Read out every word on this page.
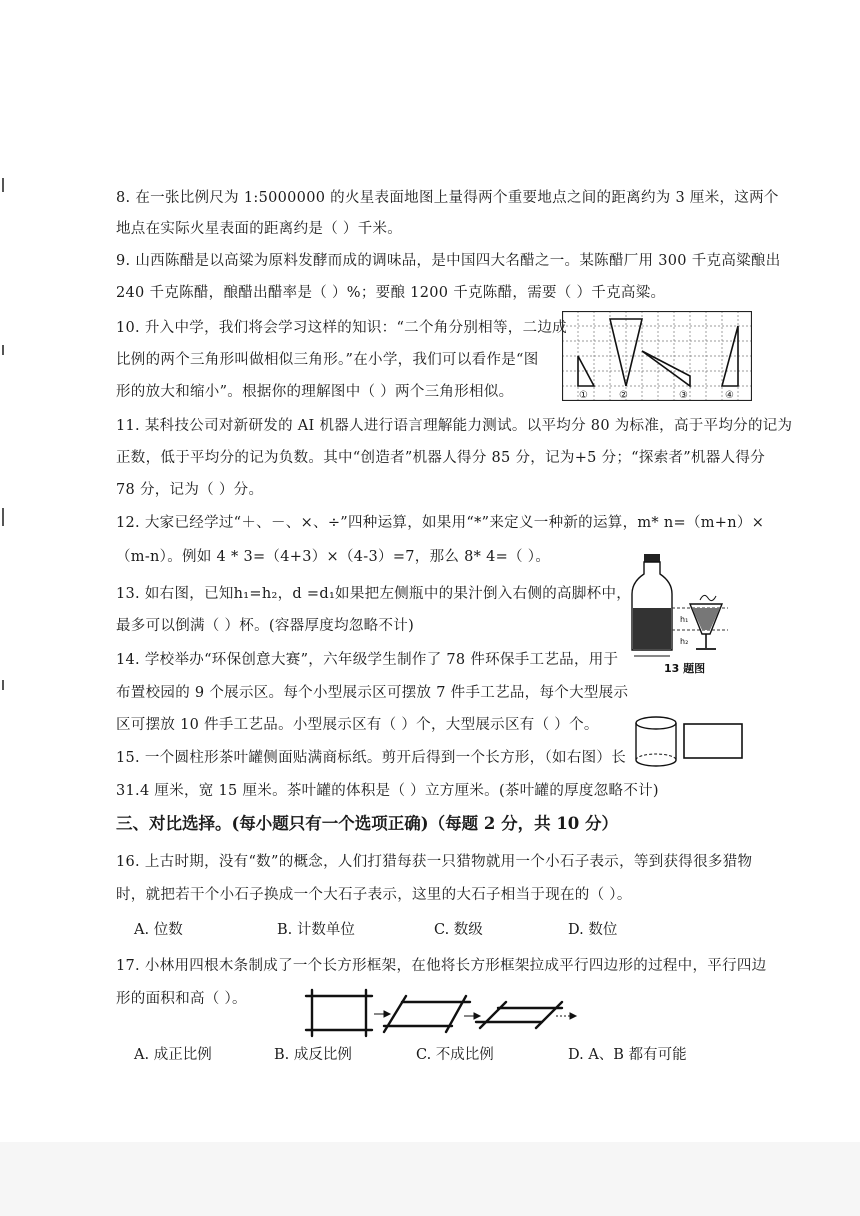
8. 在一张比例尺为 1:5000000 的火星表面地图上量得两个重要地点之间的距离约为 3 厘米，这两个
地点在实际火星表面的距离约是（ ）千米。
9. 山西陈醋是以高粱为原料发酵而成的调味品，是中国四大名醋之一。某陈醋厂用 300 千克高粱酿出
240 千克陈醋，酿醋出醋率是（ ）%；要酿 1200 千克陈醋，需要（ ）千克高粱。
10. 升入中学，我们将会学习这样的知识：“二个角分别相等，二边成
比例的两个三角形叫做相似三角形。”在小学，我们可以看作是“图
形的放大和缩小”。根据你的理解图中（ ）两个三角形相似。	①	②	③	④
11. 某科技公司对新研发的 AI 机器人进行语言理解能力测试。以平均分 80 为标准，高于平均分的记为
正数，低于平均分的记为负数。其中“创造者”机器人得分 85 分，记为+5 分；“探索者”机器人得分
78 分，记为（ ）分。
12. 大家已经学过“＋、－、×、÷”四种运算，如果用“*”来定义一种新的运算，m* n=（m+n）×
（m-n）。例如 4 * 3=（4+3）×（4-3）=7，那么 8* 4=（ ）。
13. 如右图，已知h₁=h₂，d =d₁如果把左侧瓶中的果汁倒入右侧的高脚杯中，
最多可以倒满（ ）杯。(容器厚度均忽略不计)	h₁
h₂
13 题图
14. 学校举办“环保创意大赛”，六年级学生制作了 78 件环保手工艺品，用于
布置校园的 9 个展示区。每个小型展示区可摆放 7 件手工艺品，每个大型展示
区可摆放 10 件手工艺品。小型展示区有（ ）个，大型展示区有（ ）个。
15. 一个圆柱形茶叶罐侧面贴满商标纸。剪开后得到一个长方形，（如右图）长
31.4 厘米，宽 15 厘米。茶叶罐的体积是（ ）立方厘米。(茶叶罐的厚度忽略不计)
三、对比选择。(每小题只有一个选项正确)（每题 2 分，共 10 分）
16. 上古时期，没有“数”的概念，人们打猎每获一只猎物就用一个小石子表示，等到获得很多猎物
时，就把若干个小石子换成一个大石子表示，这里的大石子相当于现在的（ ）。
A. 位数	B. 计数单位	C. 数级	D. 数位
17. 小林用四根木条制成了一个长方形框架，在他将长方形框架拉成平行四边形的过程中，平行四边
形的面积和高（ ）。
A. 成正比例	B. 成反比例	C. 不成比例	D. A、B 都有可能
